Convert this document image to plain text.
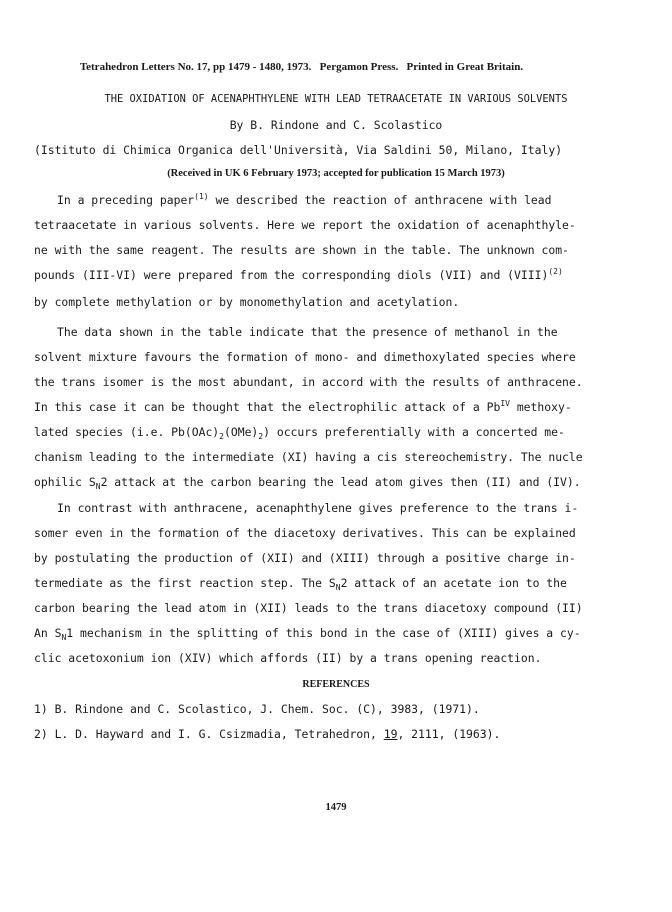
Tetrahedron Letters No. 17, pp 1479 - 1480, 1973. Pergamon Press. Printed in Great Britain.

THE OXIDATION OF ACENAPHTHYLENE WITH LEAD TETRAACETATE IN VARIOUS SOLVENTS
By B. Rindone and C. Scolastico
(Istituto di Chimica Organica dell'Università, Via Saldini 50, Milano, Italy)
(Received in UK 6 February 1973; accepted for publication 15 March 1973)
In a preceding paper$^{(1)}$ we described the reaction of anthracene with lead
tetraacetate in various solvents. Here we report the oxidation of acenaphthyle-
ne with the same reagent. The results are shown in the table. The unknown com-
pounds (III-VI) were prepared from the corresponding diols (VII) and (VIII)$^{(2)}$
by complete methylation or by monomethylation and acetylation.
The data shown in the table indicate that the presence of methanol in the
solvent mixture favours the formation of mono- and dimethoxylated species where
the trans isomer is the most abundant, in accord with the results of anthracene.
In this case it can be thought that the electrophilic attack of a $Pb^{IV}$ methoxy-
lated species (i.e. $Pb(OAc)_2(OMe)_2$) occurs preferentially with a concerted me-
chanism leading to the intermediate (XI) having a cis stereochemistry. The nucle
ophilic $S_N2$ attack at the carbon bearing the lead atom gives then (II) and (IV).
In contrast with anthracene, acenaphthylene gives preference to the trans i-
somer even in the formation of the diacetoxy derivatives. This can be explained
by postulating the production of (XII) and (XIII) through a positive charge in-
termediate as the first reaction step. The $S_N2$ attack of an acetate ion to the
carbon bearing the lead atom in (XII) leads to the trans diacetoxy compound (II)
An $S_N1$ mechanism in the splitting of this bond in the case of (XIII) gives a cy-
clic acetoxonium ion (XIV) which affords (II) by a trans opening reaction.
REFERENCES
1) B. Rindone and C. Scolastico, J. Chem. Soc. (C), 3983, (1971).
2) L. D. Hayward and I. G. Csizmadia, Tetrahedron, 19, 2111, (1963).
1479
